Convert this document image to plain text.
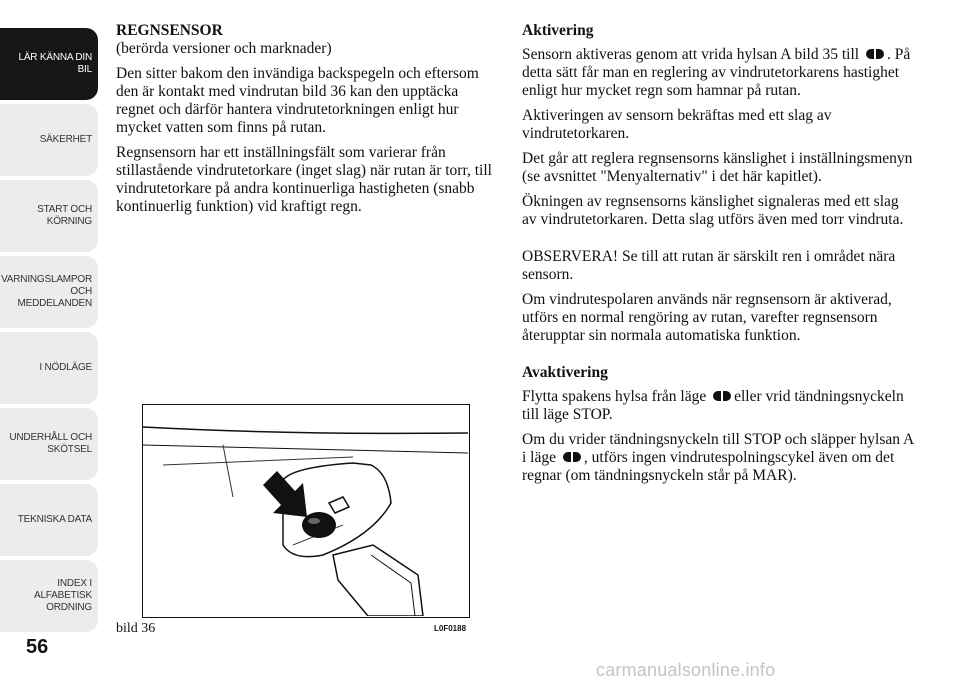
LÄR KÄNNA DIN
BIL
SÄKERHET
START OCH
KÖRNING
VARNINGSLAMPOR
OCH
MEDDELANDEN
I NÖDLÄGE
UNDERHÅLL OCH
SKÖTSEL
TEKNISKA DATA
INDEX I
ALFABETISK
ORDNING
56
REGNSENSOR
(berörda versioner och marknader)

Den sitter bakom den invändiga backspegeln och eftersom den är kontakt med vindrutan bild 36 kan den upptäcka regnet och därför hantera vindrutetorkningen enligt hur mycket vatten som finns på rutan.

Regnsensorn har ett inställningsfält som varierar från stillastående vindrutetorkare (inget slag) när rutan är torr, till vindrutetorkare på andra kontinuerliga hastigheten (snabb kontinuerlig funktion) vid kraftigt regn.

Aktivering

Sensorn aktiveras genom att vrida hylsan A bild 35 till . På detta sätt får man en reglering av vindrutetorkarens hastighet enligt hur mycket regn som hamnar på rutan.

Aktiveringen av sensorn bekräftas med ett slag av vindrutetorkaren.

Det går att reglera regnsensorns känslighet i inställningsmenyn (se avsnittet "Menyalternativ" i det här kapitlet).

Ökningen av regnsensorns känslighet signaleras med ett slag av vindrutetorkaren. Detta slag utförs även med torr vindruta.

OBSERVERA! Se till att rutan är särskilt ren i området nära sensorn.

Om vindrutespolaren används när regnsensorn är aktiverad, utförs en normal rengöring av rutan, varefter regnsensorn återupptar sin normala automatiska funktion.

Avaktivering

Flytta spakens hylsa från läge eller vrid tändningsnyckeln till läge STOP.

Om du vrider tändningsnyckeln till STOP och släpper hylsan A i läge , utförs ingen vindrutespolningscykel även om det regnar (om tändningsnyckeln står på MAR).

bild 36	L0F0188
carmanualsonline.info
